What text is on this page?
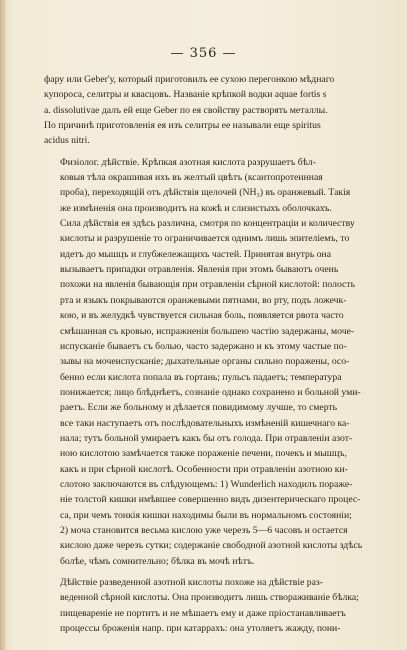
— 356 —
фару или Geber'у, который приготовилъ ее сухою перегонкою мѣднаго
купороса, селитры и квасцовъ. Названіе крѣпкой водки aquae fortis s
a. dissolutivae далъ ей еще Geber по ея свойству растворять металлы.
По причинѣ приготовленія ея изъ селитры ее называли еще spiritus
acidus nitri.
Физіолог. дѣйствіе. Крѣпкая азотная кислота разрушаетъ бѣл-
ковыя тѣла окрашивая ихъ въ желтый цвѣтъ (ксантопротеинная
проба), переходящій отъ дѣйствія щелочей (NH₃) въ оранжевый. Такія
же измѣненія она производитъ на кожѣ и слизистыхъ оболочкахъ.
Сила дѣйствія ея здѣсь различна, смотря по концентраціи и количеству
кислоты и разрушеніе то ограничивается однимъ лишь эпителіемъ, то
идетъ до мышцъ и глубжележащихъ частей. Принятая внутрь она
вызываетъ припадки отравленія. Явленія при этомъ бываютъ очень
похожи на явленія бывающія при отравленіи сѣрной кислотой: полость
рта и языкъ покрываются оранжевыми пятнами, во рту, подъ ложечк-
кою, и въ желудкѣ чувствуется сильная боль, появляется рвота часто
смѣшанная съ кровью, испражненія большею частію задержаны, моче-
испусканіе бываетъ съ болью, часто задержано и къ этому частые по-
зывы на мочеиспусканіе; дыхательные органы сильно поражены, осо-
бенно если кислота попала въ гортань; пульсъ падаетъ; температура
понижается; лицо блѣднѣетъ, сознаніе однако сохранено и больной уми-
раетъ. Если же больному и дѣлается повидимому лучше, то смерть
все таки наступаетъ отъ послѣдовательныхъ измѣненій кишечнаго ка-
нала; тутъ больной умираетъ какъ бы отъ голода. При отравленіи азот-
ною кислотою замѣчается также пораженіе печени, почекъ и мышцъ,
какъ и при сѣрной кислотѣ. Особенности при отравленіи азотною ки-
слотою заключаются въ слѣдующемъ: 1) Wunderlich находилъ пораже-
ніе толстой кишки имѣвшее совершенно видъ дизентерическаго процес-
са, при чемъ тонкія кишки находимы были въ нормальномъ состояніи;
2) моча становится весьма кислою уже черезъ 5—6 часовъ и остается
кислою даже черезъ сутки; содержаніе свободной азотной кислоты здѣсь
болѣе, чѣмъ сомнительно; бѣлка въ мочѣ нѣтъ.
Дѣйствіе разведенной азотной кислоты похоже на дѣйствіе раз-
веденной сѣрной кислоты. Она производитъ лишь створаживаніе бѣлка;
пищевареніе не портитъ и не мѣшаетъ ему и даже пріостанавливаетъ
процессы броженія напр. при катаррахъ: она утоляетъ жажду, пони-
